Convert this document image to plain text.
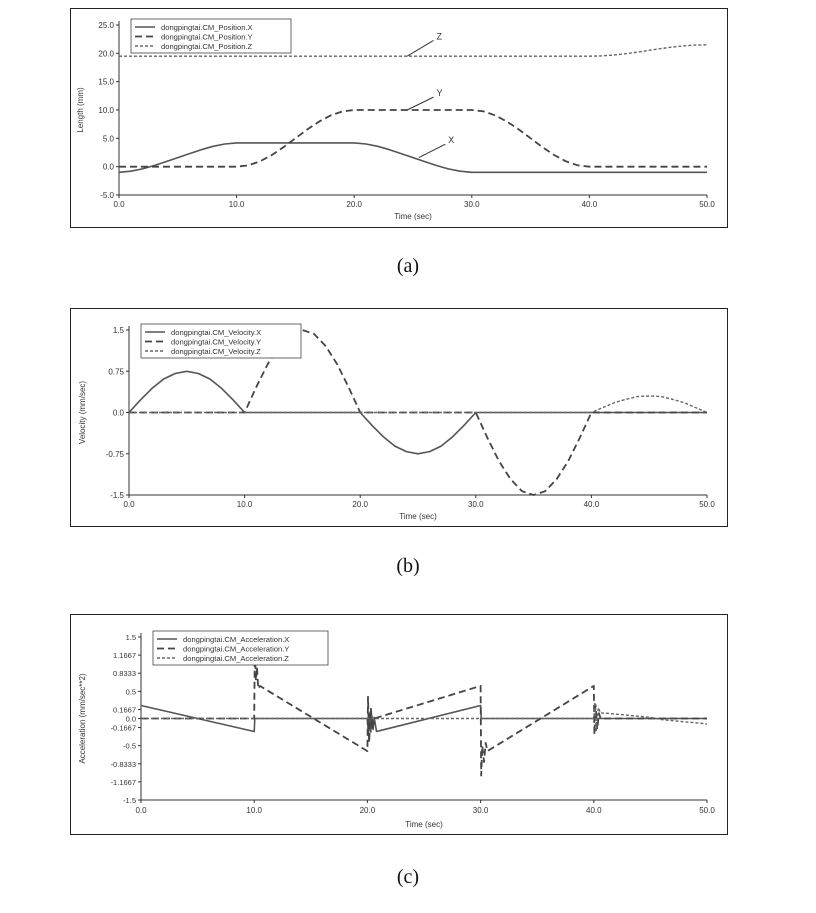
-5.0
0.0
5.0
10.0
15.0
20.0
25.0
0.0	10.0	20.0	30.0	40.0	50.0
Time (sec)
Length (mm)
dongpingtai.CM_Position.X
dongpingtai.CM_Position.Y
dongpingtai.CM_Position.Z
Z
Y
X
(a)
-1.5
-0.75
0.0
0.75
1.5
0.0	10.0	20.0	30.0	40.0	50.0
Time (sec)
Velocity (mm/sec)
dongpingtai.CM_Velocity.X
dongpingtai.CM_Velocity.Y
dongpingtai.CM_Velocity.Z
(b)
-1.5
-1.1667
-0.8333
-0.5
-0.1667
0.0
0.1667
0.5
0.8333
1.1667
1.5
0.0	10.0	20.0	30.0	40.0	50.0
Time (sec)
Acceleration (mm/sec**2)
dongpingtai.CM_Acceleration.X
dongpingtai.CM_Acceleration.Y
dongpingtai.CM_Acceleration.Z
(c)
